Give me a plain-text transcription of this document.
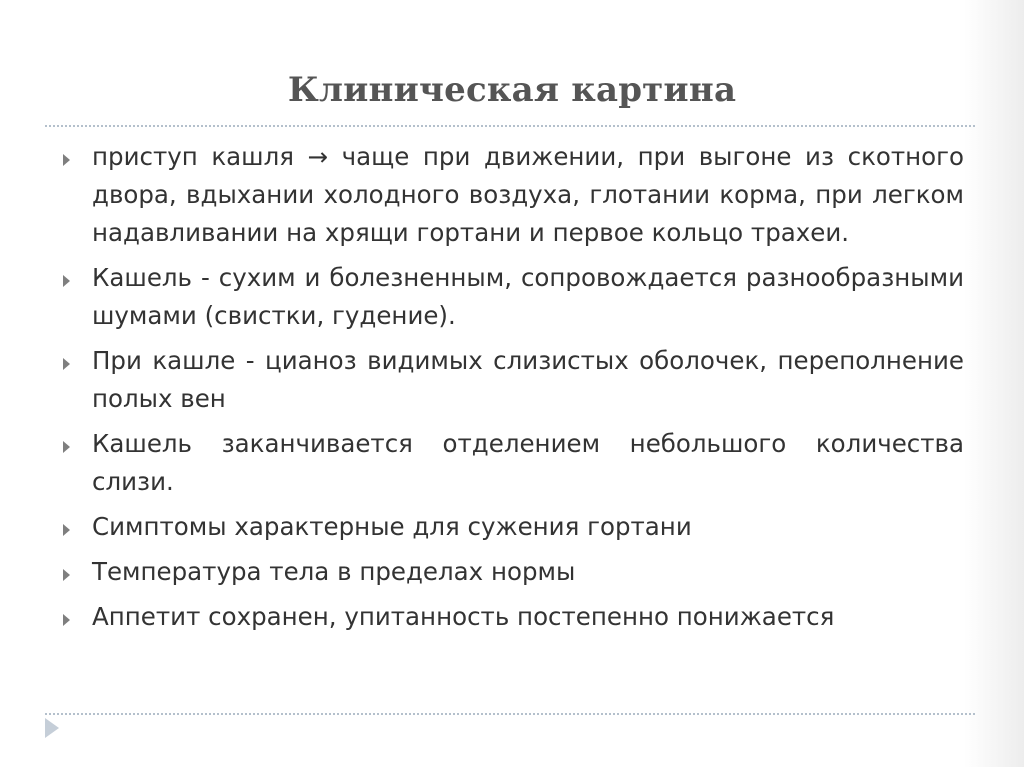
Клиническая картина
приступ кашля → чаще при движении, при выгоне из скотного двора, вдыхании холодного воздуха, глотании корма, при легком надавливании на хрящи гортани и первое кольцо трахеи.
Кашель - сухим и болезненным, сопровождается разнообразными шумами (свистки, гудение).
При кашле - цианоз видимых слизистых оболочек, переполнение полых вен
Кашель заканчивается отделением небольшого количества слизи.
Симптомы характерные для сужения гортани
Температура тела в пределах нормы
Аппетит сохранен, упитанность постепенно понижается
